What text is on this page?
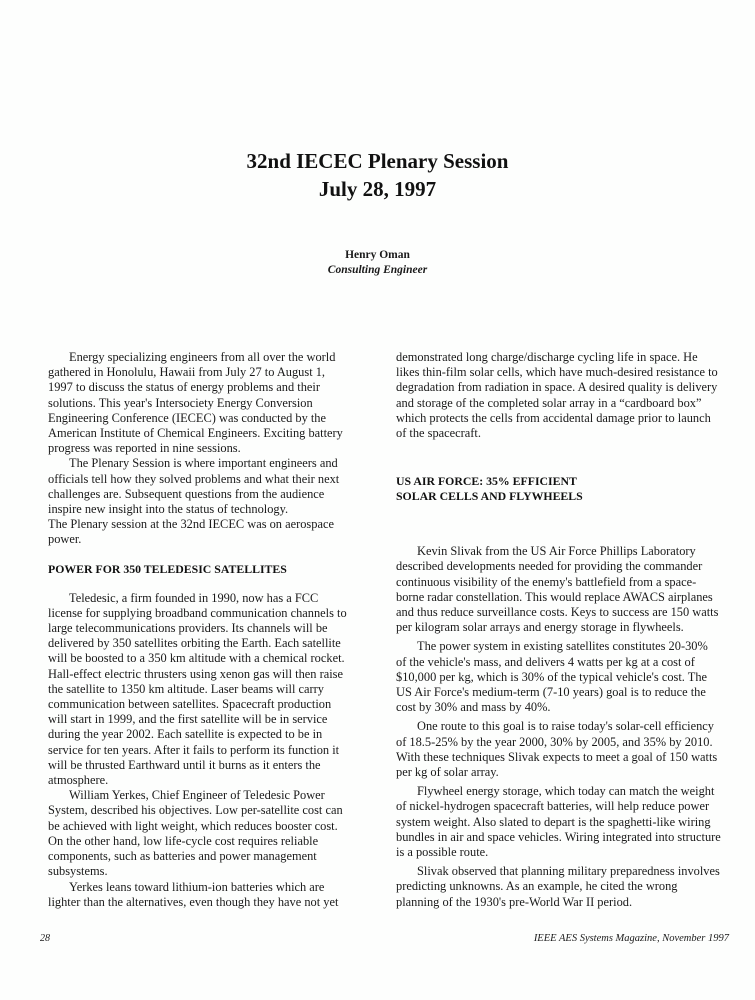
32nd IECEC Plenary Session
July 28, 1997
Henry Oman
Consulting Engineer

Energy specializing engineers from all over the world gathered in Honolulu, Hawaii from July 27 to August 1, 1997 to discuss the status of energy problems and their solutions. This year's Intersociety Energy Conversion Engineering Conference (IECEC) was conducted by the American Institute of Chemical Engineers. Exciting battery progress was reported in nine sessions.

The Plenary Session is where important engineers and officials tell how they solved problems and what their next challenges are. Subsequent questions from the audience inspire new insight into the status of technology.

The Plenary session at the 32nd IECEC was on aerospace power.

POWER FOR 350 TELEDESIC SATELLITES

Teledesic, a firm founded in 1990, now has a FCC license for supplying broadband communication channels to large telecommunications providers. Its channels will be delivered by 350 satellites orbiting the Earth. Each satellite will be boosted to a 350 km altitude with a chemical rocket. Hall-effect electric thrusters using xenon gas will then raise the satellite to 1350 km altitude. Laser beams will carry communication between satellites. Spacecraft production will start in 1999, and the first satellite will be in service during the year 2002. Each satellite is expected to be in service for ten years. After it fails to perform its function it will be thrusted Earthward until it burns as it enters the atmosphere.

William Yerkes, Chief Engineer of Teledesic Power System, described his objectives. Low per-satellite cost can be achieved with light weight, which reduces booster cost. On the other hand, low life-cycle cost requires reliable components, such as batteries and power management subsystems.

Yerkes leans toward lithium-ion batteries which are lighter than the alternatives, even though they have not yet

demonstrated long charge/discharge cycling life in space. He likes thin-film solar cells, which have much-desired resistance to degradation from radiation in space. A desired quality is delivery and storage of the completed solar array in a “cardboard box” which protects the cells from accidental damage prior to launch of the spacecraft.

US AIR FORCE: 35% EFFICIENT
SOLAR CELLS AND FLYWHEELS

Kevin Slivak from the US Air Force Phillips Laboratory described developments needed for providing the commander continuous visibility of the enemy's battlefield from a space-borne radar constellation. This would replace AWACS airplanes and thus reduce surveillance costs. Keys to success are 150 watts per kilogram solar arrays and energy storage in flywheels.

The power system in existing satellites constitutes 20-30% of the vehicle's mass, and delivers 4 watts per kg at a cost of $10,000 per kg, which is 30% of the typical vehicle's cost. The US Air Force's medium-term (7-10 years) goal is to reduce the cost by 30% and mass by 40%.

One route to this goal is to raise today's solar-cell efficiency of 18.5-25% by the year 2000, 30% by 2005, and 35% by 2010. With these techniques Slivak expects to meet a goal of 150 watts per kg of solar array.

Flywheel energy storage, which today can match the weight of nickel-hydrogen spacecraft batteries, will help reduce power system weight. Also slated to depart is the spaghetti-like wiring bundles in air and space vehicles. Wiring integrated into structure is a possible route.

Slivak observed that planning military preparedness involves predicting unknowns. As an example, he cited the wrong planning of the 1930's pre-World War II period.

28	IEEE AES Systems Magazine, November 1997
